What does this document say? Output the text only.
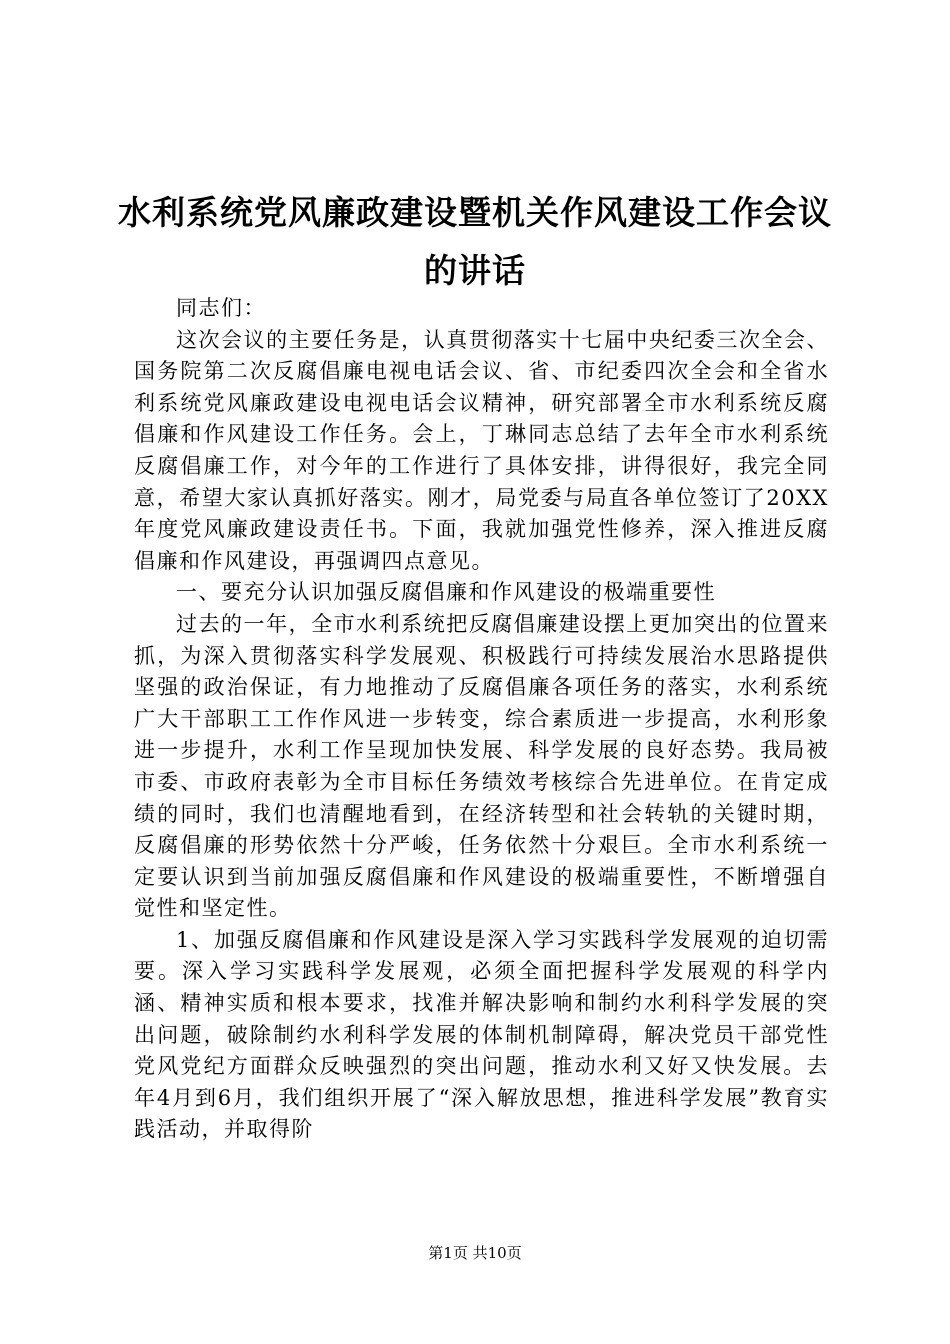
水利系统党风廉政建设暨机关作风建设工作会议的讲话

同志们：

这次会议的主要任务是，认真贯彻落实十七届中央纪委三次全会、国务院第二次反腐倡廉电视电话会议、省、市纪委四次全会和全省水利系统党风廉政建设电视电话会议精神，研究部署全市水利系统反腐倡廉和作风建设工作任务。会上，丁琳同志总结了去年全市水利系统反腐倡廉工作，对今年的工作进行了具体安排，讲得很好，我完全同意，希望大家认真抓好落实。刚才，局党委与局直各单位签订了20XX年度党风廉政建设责任书。下面，我就加强党性修养，深入推进反腐倡廉和作风建设，再强调四点意见。

一、要充分认识加强反腐倡廉和作风建设的极端重要性

过去的一年，全市水利系统把反腐倡廉建设摆上更加突出的位置来抓，为深入贯彻落实科学发展观、积极践行可持续发展治水思路提供坚强的政治保证，有力地推动了反腐倡廉各项任务的落实，水利系统广大干部职工工作作风进一步转变，综合素质进一步提高，水利形象进一步提升，水利工作呈现加快发展、科学发展的良好态势。我局被市委、市政府表彰为全市目标任务绩效考核综合先进单位。在肯定成绩的同时，我们也清醒地看到，在经济转型和社会转轨的关键时期，反腐倡廉的形势依然十分严峻，任务依然十分艰巨。全市水利系统一定要认识到当前加强反腐倡廉和作风建设的极端重要性，不断增强自觉性和坚定性。

1、加强反腐倡廉和作风建设是深入学习实践科学发展观的迫切需要。深入学习实践科学发展观，必须全面把握科学发展观的科学内涵、精神实质和根本要求，找准并解决影响和制约水利科学发展的突出问题，破除制约水利科学发展的体制机制障碍，解决党员干部党性党风党纪方面群众反映强烈的突出问题，推动水利又好又快发展。去年4月到6月，我们组织开展了“深入解放思想，推进科学发展”教育实践活动，并取得阶

第1页 共10页
